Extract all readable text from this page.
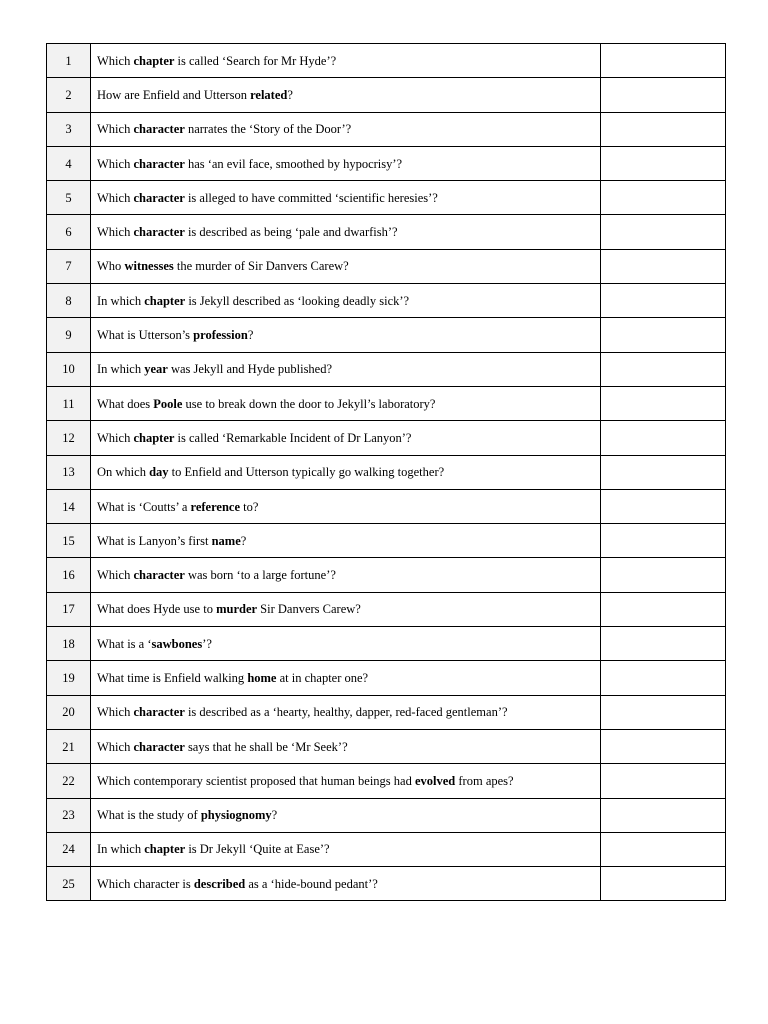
1	Which chapter is called ‘Search for Mr Hyde’?	
2	How are Enfield and Utterson related?	
3	Which character narrates the ‘Story of the Door’?	
4	Which character has ‘an evil face, smoothed by hypocrisy’?	
5	Which character is alleged to have committed ‘scientific heresies’?	
6	Which character is described as being ‘pale and dwarfish’?	
7	Who witnesses the murder of Sir Danvers Carew?	
8	In which chapter is Jekyll described as ‘looking deadly sick’?	
9	What is Utterson’s profession?	
10	In which year was Jekyll and Hyde published?	
11	What does Poole use to break down the door to Jekyll’s laboratory?	
12	Which chapter is called ‘Remarkable Incident of Dr Lanyon’?	
13	On which day to Enfield and Utterson typically go walking together?	
14	What is ‘Coutts’ a reference to?	
15	What is Lanyon’s first name?	
16	Which character was born ‘to a large fortune’?	
17	What does Hyde use to murder Sir Danvers Carew?	
18	What is a ‘sawbones’?	
19	What time is Enfield walking home at in chapter one?	
20	Which character is described as a ‘hearty, healthy, dapper, red-faced gentleman’?	
21	Which character says that he shall be ‘Mr Seek’?	
22	Which contemporary scientist proposed that human beings had evolved from apes?	
23	What is the study of physiognomy?	
24	In which chapter is Dr Jekyll ‘Quite at Ease’?	
25	Which character is described as a ‘hide-bound pedant’?	
